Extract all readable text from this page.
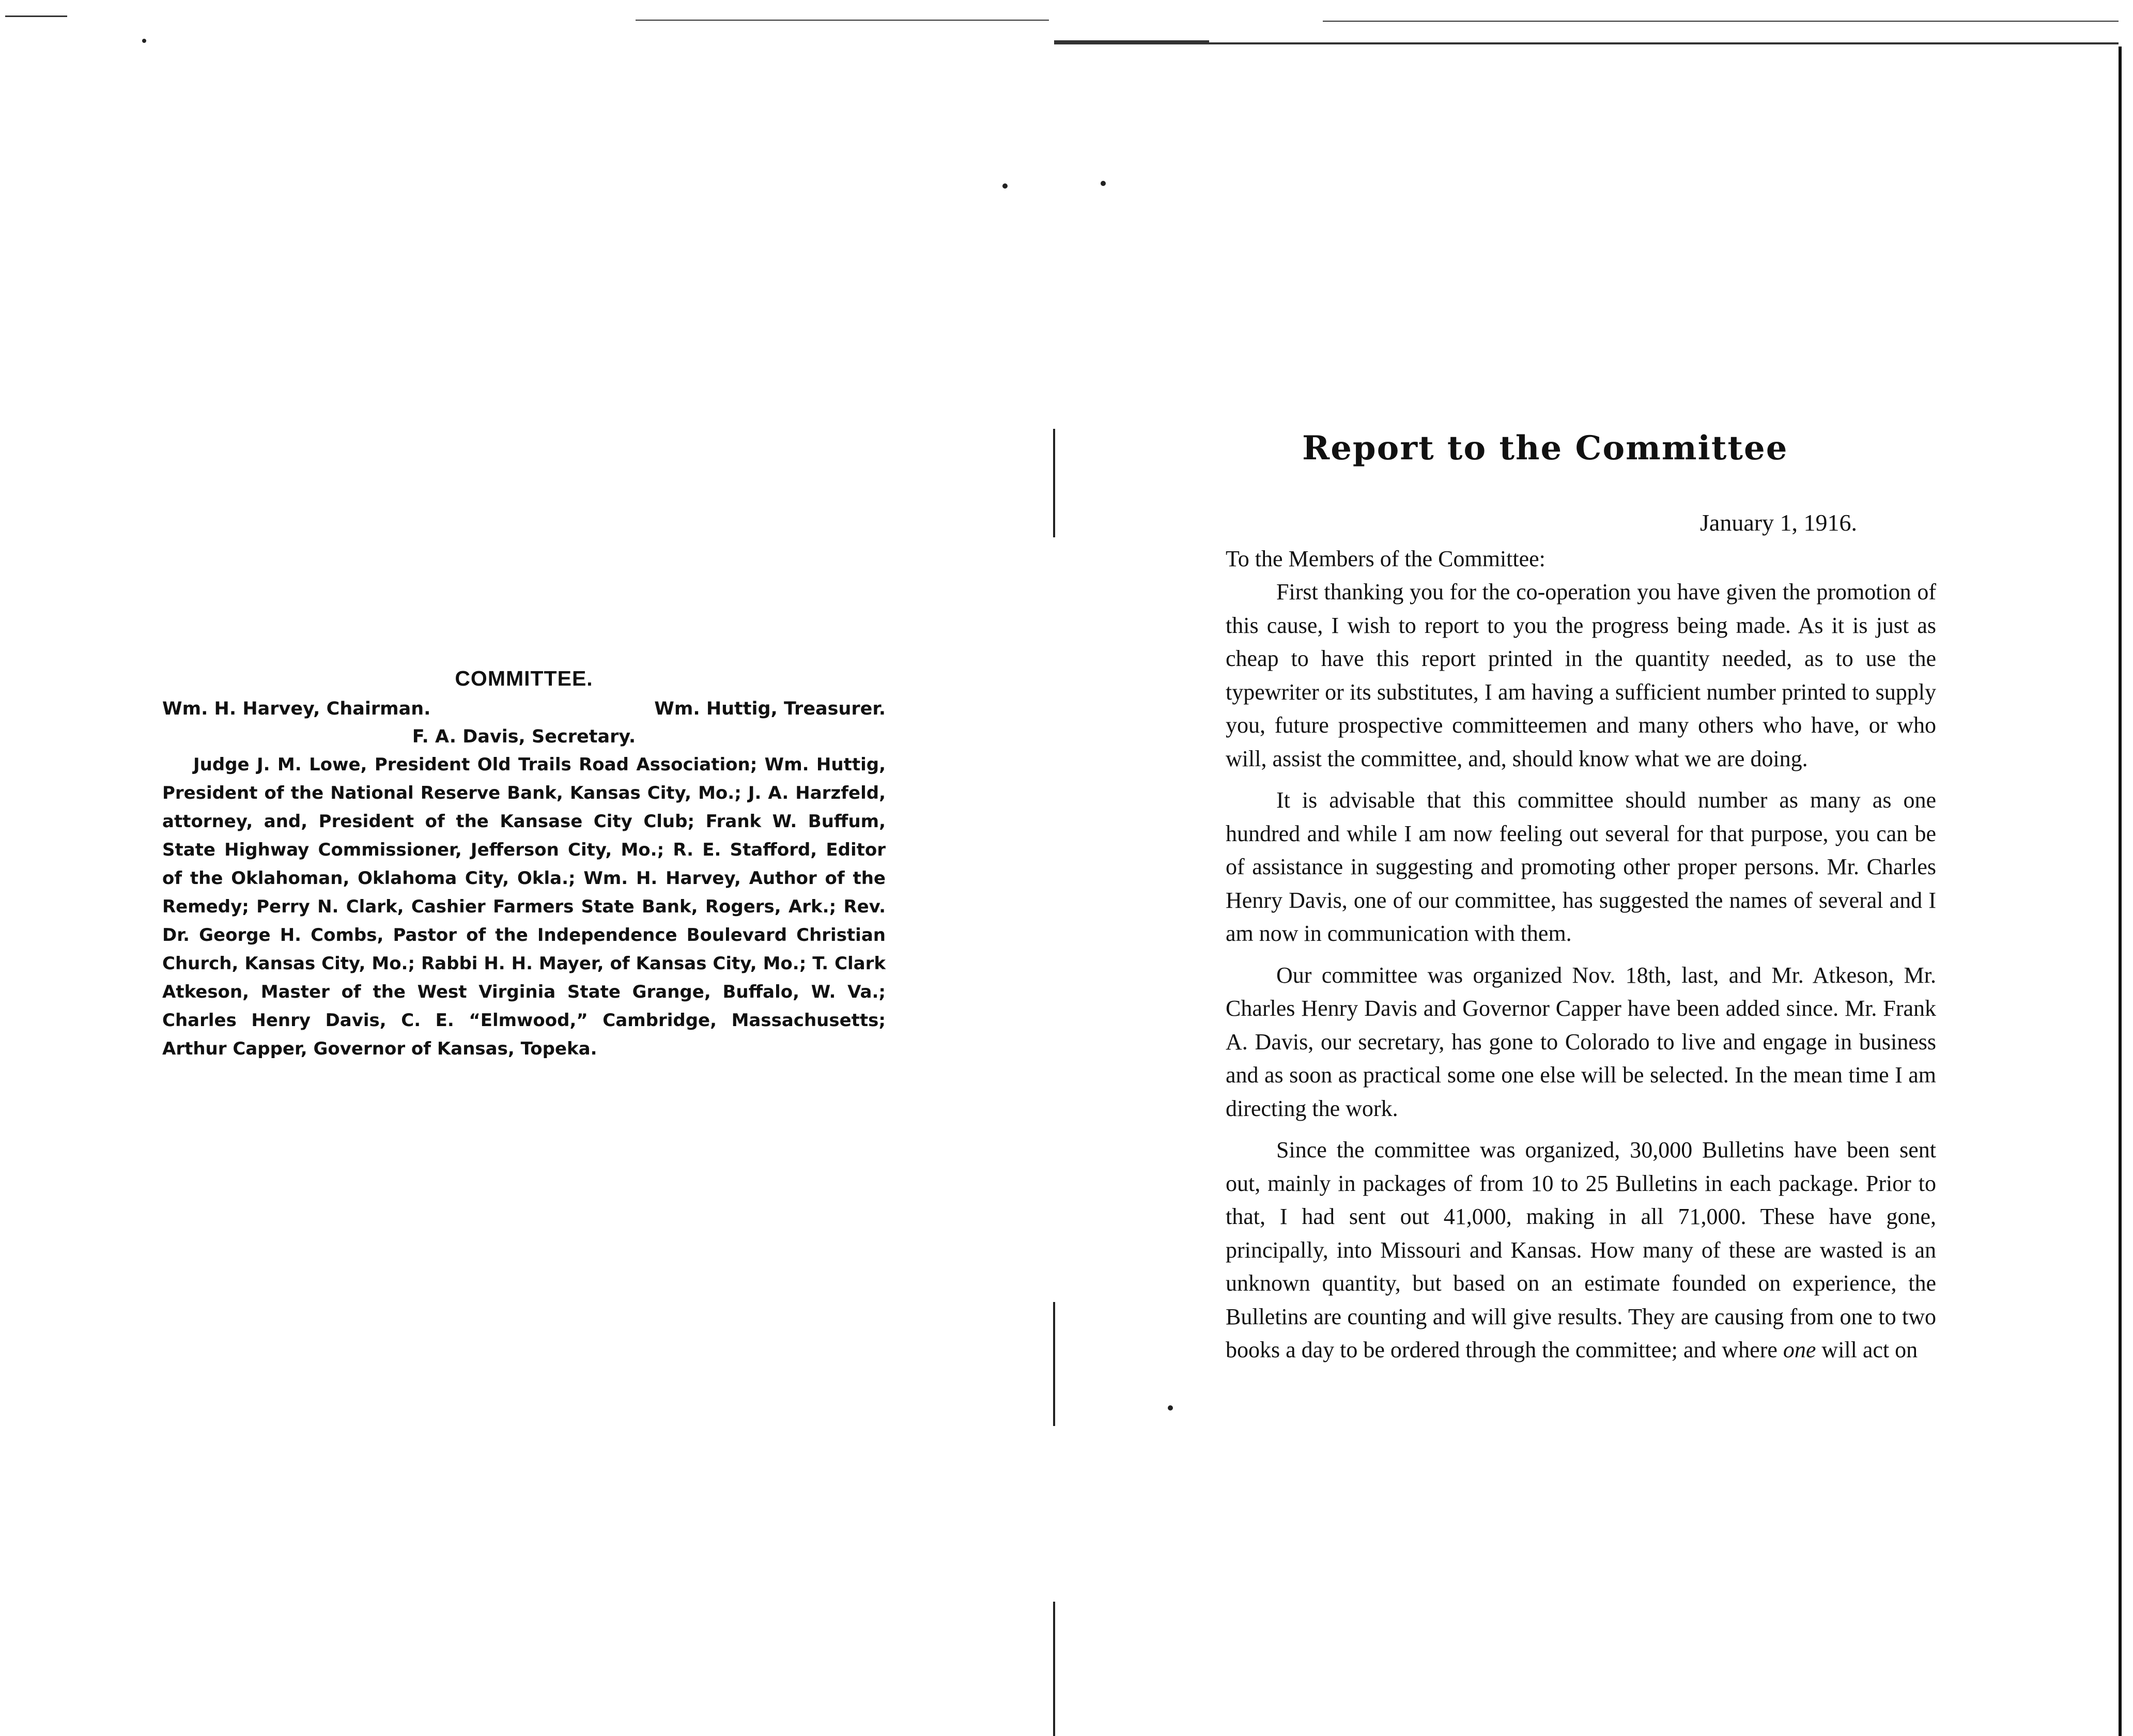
COMMITTEE.
Wm. H. Harvey, Chairman.	Wm. Huttig, Treasurer.
F. A. Davis, Secretary.

Judge J. M. Lowe, President Old Trails Road Association; Wm. Huttig, President of the National Reserve Bank, Kansas City, Mo.; J. A. Harzfeld, attorney, and, President of the Kansase City Club; Frank W. Buffum, State Highway Commissioner, Jefferson City, Mo.; R. E. Stafford, Editor of the Oklahoman, Oklahoma City, Okla.; Wm. H. Harvey, Author of the Remedy; Perry N. Clark, Cashier Farmers State Bank, Rogers, Ark.; Rev. Dr. George H. Combs, Pastor of the Independence Boulevard Christian Church, Kansas City, Mo.; Rabbi H. H. Mayer, of Kansas City, Mo.; T. Clark Atkeson, Master of the West Virginia State Grange, Buffalo, W. Va.; Charles Henry Davis, C. E. “Elmwood,” Cambridge, Massachusetts; Arthur Capper, Governor of Kansas, Topeka.

Report to the Committee
January 1, 1916.

To the Members of the Committee:

First thanking you for the co-operation you have given the promotion of this cause, I wish to report to you the progress being made. As it is just as cheap to have this report printed in the quantity needed, as to use the typewriter or its substitutes, I am having a sufficient number printed to supply you, future prospective committeemen and many others who have, or who will, assist the committee, and, should know what we are doing.

It is advisable that this committee should number as many as one hundred and while I am now feeling out several for that purpose, you can be of assistance in suggesting and promoting other proper persons. Mr. Charles Henry Davis, one of our committee, has suggested the names of several and I am now in communication with them.

Our committee was organized Nov. 18th, last, and Mr. Atkeson, Mr. Charles Henry Davis and Governor Capper have been added since. Mr. Frank A. Davis, our secretary, has gone to Colorado to live and engage in business and as soon as practical some one else will be selected. In the mean time I am directing the work.

Since the committee was organized, 30,000 Bulletins have been sent out, mainly in packages of from 10 to 25 Bulletins in each package. Prior to that, I had sent out 41,000, making in all 71,000. These have gone, principally, into Missouri and Kansas. How many of these are wasted is an unknown quantity, but based on an estimate founded on experience, the Bulletins are counting and will give results. They are causing from one to two books a day to be ordered through the committee; and where one will act on
